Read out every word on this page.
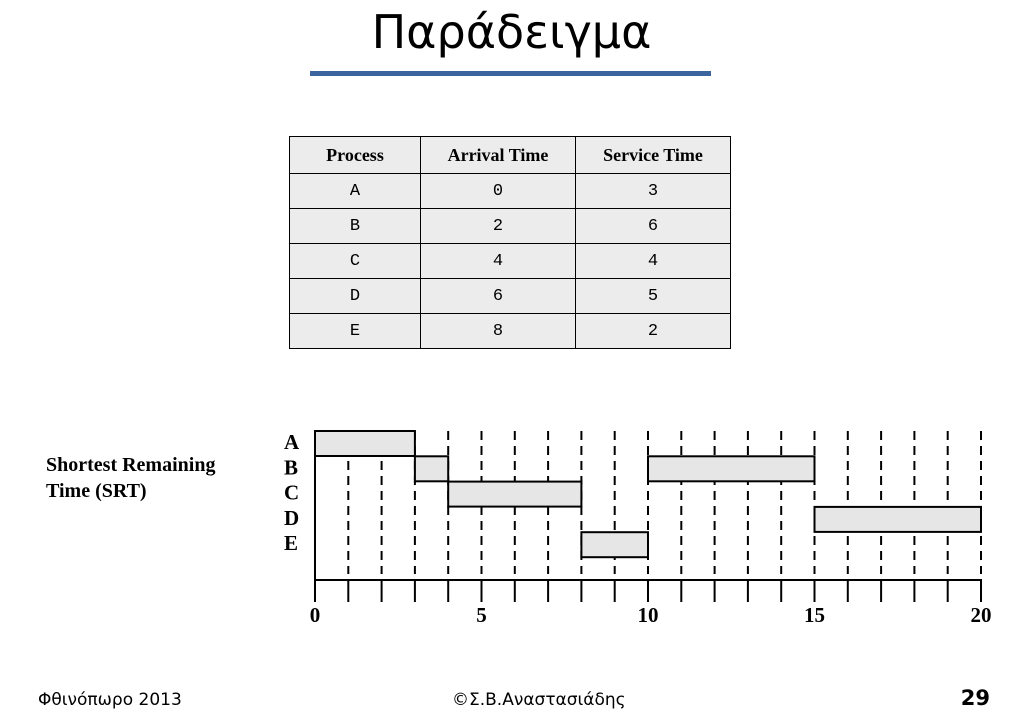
Παράδειγμα
Process	Arrival Time	Service Time
A	0	3
B	2	6
C	4	4
D	6	5
E	8	2
Shortest Remaining
Time (SRT)
A
B
C
D
E
0	5	10	15	20
Φθινόπωρο 2013	©Σ.Β.Αναστασιάδης	29
